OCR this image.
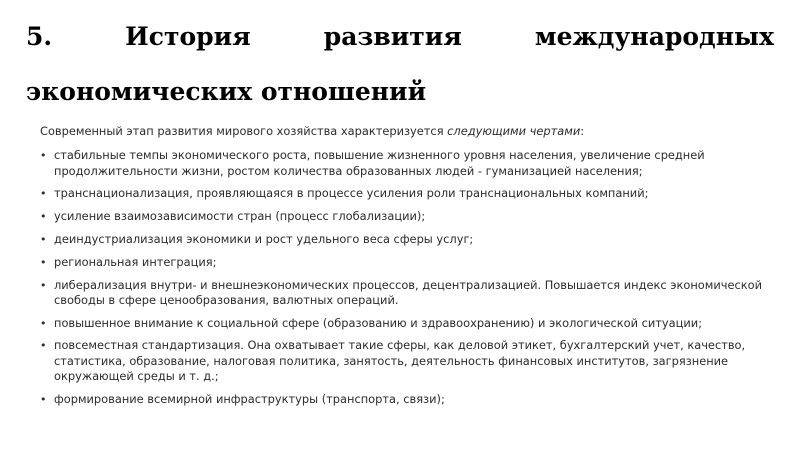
5.	История	развития	международных
экономических отношений

Современный этап развития мирового хозяйства характеризуется следующими чертами:

• стабильные темпы экономического роста, повышение жизненного уровня населения, увеличение средней продолжительности жизни, ростом количества образованных людей - гуманизацией населения;
• транснационализация, проявляющаяся в процессе усиления роли транснациональных компаний;
• усиление взаимозависимости стран (процесс глобализации);
• деиндустриализация экономики и рост удельного веса сферы услуг;
• региональная интеграция;
• либерализация внутри- и внешнеэкономических процессов, децентрализацией. Повышается индекс экономической свободы в сфере ценообразования, валютных операций.
• повышенное внимание к социальной сфере (образованию и здравоохранению) и экологической ситуации;
• повсеместная стандартизация. Она охватывает такие сферы, как деловой этикет, бухгалтерский учет, качество, статистика, образование, налоговая политика, занятость, деятельность финансовых институтов, загрязнение окружающей среды и т. д.;
• формирование всемирной инфраструктуры (транспорта, связи);
